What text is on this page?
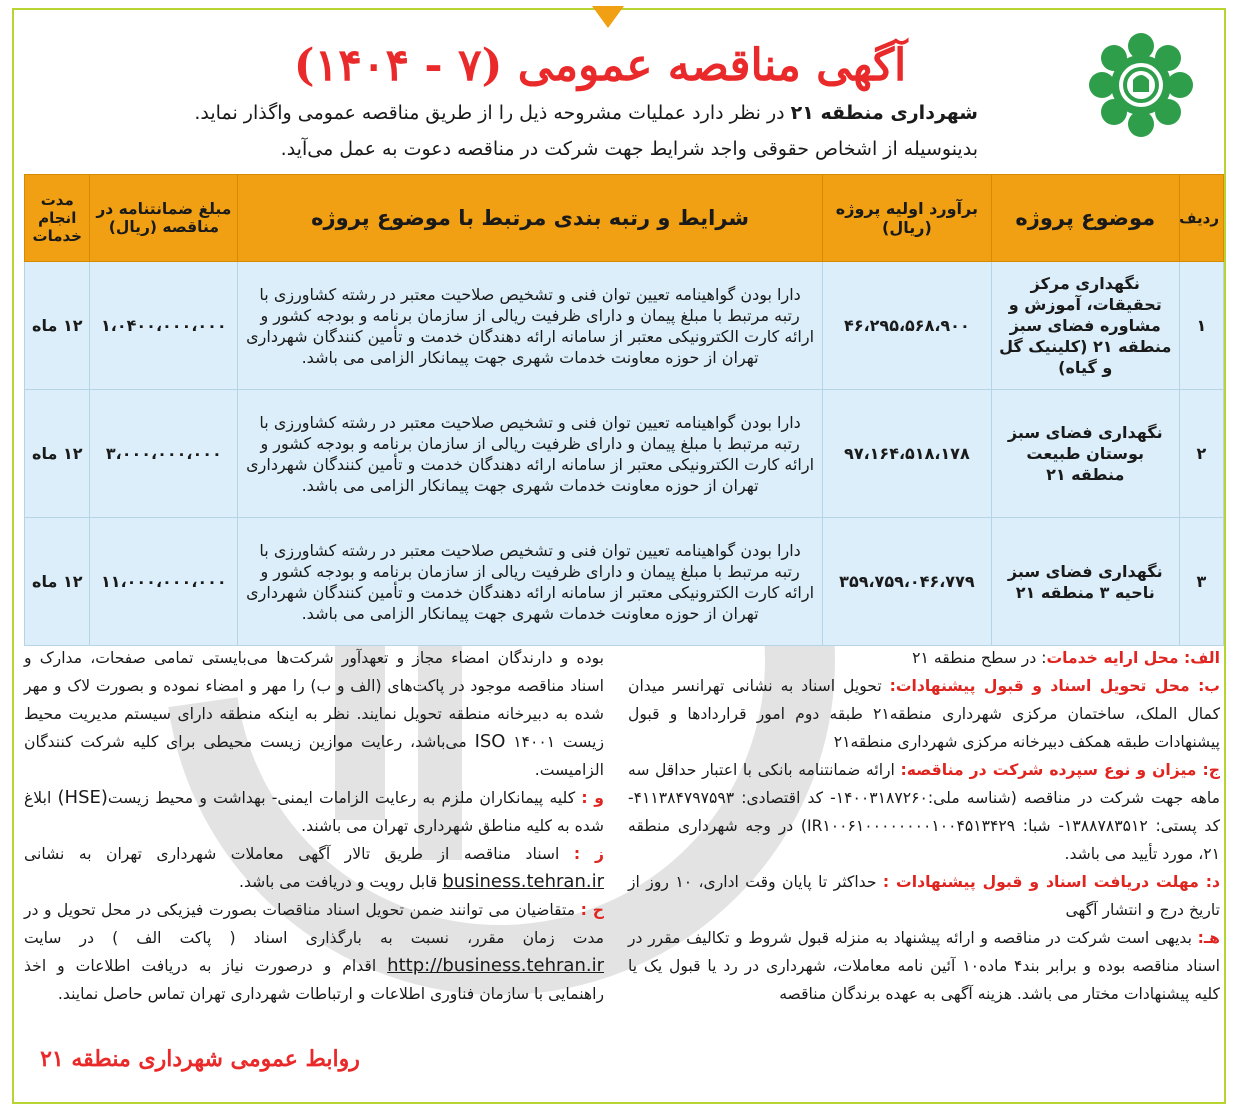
آگهی مناقصه عمومی (۷ - ۱۴۰۴)
شهرداری منطقه ۲۱ در نظر دارد عملیات مشروحه ذیل را از طریق مناقصه عمومی واگذار نماید.
بدینوسیله از اشخاص حقوقی واجد شرایط جهت شرکت در مناقصه دعوت به عمل می‌آید.
ردیف	موضوع پروژه	برآورد اولیه پروژه (ریال)	شرایط و رتبه بندی مرتبط با موضوع پروژه	مبلغ ضمانتنامه در مناقصه (ریال)	مدت انجام خدمات
۱	نگهداری مرکز تحقیقات، آموزش و مشاوره فضای سبز منطقه ۲۱ (کلینیک گل و گیاه)	۴۶،۲۹۵،۵۶۸،۹۰۰	دارا بودن گواهینامه تعیین توان فنی و تشخیص صلاحیت معتبر در رشته کشاورزی با رتبه مرتبط با مبلغ پیمان و دارای ظرفیت ریالی از سازمان برنامه و بودجه کشور و ارائه کارت الکترونیکی معتبر از سامانه ارائه دهندگان خدمت و تأمین کنندگان شهرداری تهران از حوزه معاونت خدمات شهری جهت پیمانکار الزامی می باشد.	۱،۰۴۰۰،۰۰۰،۰۰۰	۱۲ ماه
۲	نگهداری فضای سبز بوستان طبیعت منطقه ۲۱	۹۷،۱۶۴،۵۱۸،۱۷۸	دارا بودن گواهینامه تعیین توان فنی و تشخیص صلاحیت معتبر در رشته کشاورزی با رتبه مرتبط با مبلغ پیمان و دارای ظرفیت ریالی از سازمان برنامه و بودجه کشور و ارائه کارت الکترونیکی معتبر از سامانه ارائه دهندگان خدمت و تأمین کنندگان شهرداری تهران از حوزه معاونت خدمات شهری جهت پیمانکار الزامی می باشد.	۳،۰۰۰،۰۰۰،۰۰۰	۱۲ ماه
۳	نگهداری فضای سبز ناحیه ۳ منطقه ۲۱	۳۵۹،۷۵۹،۰۴۶،۷۷۹	دارا بودن گواهینامه تعیین توان فنی و تشخیص صلاحیت معتبر در رشته کشاورزی با رتبه مرتبط با مبلغ پیمان و دارای ظرفیت ریالی از سازمان برنامه و بودجه کشور و ارائه کارت الکترونیکی معتبر از سامانه ارائه دهندگان خدمت و تأمین کنندگان شهرداری تهران از حوزه معاونت خدمات شهری جهت پیمانکار الزامی می باشد.	۱۱،۰۰۰،۰۰۰،۰۰۰	۱۲ ماه
الف: محل ارایه خدمات: در سطح منطقه ۲۱
ب: محل تحویل اسناد و قبول پیشنهادات: تحویل اسناد به نشانی تهرانسر میدان کمال الملک، ساختمان مرکزی شهرداری منطقه۲۱ طبقه دوم امور قراردادها و قبول پیشنهادات طبقه همکف دبیرخانه مرکزی شهرداری منطقه۲۱
ج: میزان و نوع سپرده شرکت در مناقصه: ارائه ضمانتنامه بانکی با اعتبار حداقل سه ماهه جهت شرکت در مناقصه (شناسه ملی:۱۴۰۰۳۱۸۷۲۶۰- کد اقتصادی: ۴۱۱۳۸۴۷۹۷۵۹۳- کد پستی: ۱۳۸۸۷۸۳۵۱۲- شبا: IR۱۰۰۶۱۰۰۰۰۰۰۰۰۱۰۰۴۵۱۳۴۲۹) در وجه شهرداری منطقه ۲۱، مورد تأیید می باشد.
د: مهلت دریافت اسناد و قبول پیشنهادات : حداکثر تا پایان وقت اداری، ۱۰ روز از تاریخ درج و انتشار آگهی
هـ: بدیهی است شرکت در مناقصه و ارائه پیشنهاد به منزله قبول شروط و تکالیف مقرر در اسناد مناقصه بوده و برابر بند۴ ماده۱۰ آئین نامه معاملات، شهرداری در رد یا قبول یک یا کلیه پیشنهادات مختار می باشد. هزینه آگهی به عهده برندگان مناقصه
بوده و دارندگان امضاء مجاز و تعهدآور شرکت‌ها می‌بایستی تمامی صفحات، مدارک و اسناد مناقصه موجود در پاکت‌های (الف و ب) را مهر و امضاء نموده و بصورت لاک و مهر شده به دبیرخانه منطقه تحویل نمایند. نظر به اینکه منطقه دارای سیستم مدیریت محیط زیست ۱۴۰۰۱ ISO می‌باشد، رعایت موازین زیست محیطی برای کلیه شرکت کنندگان الزامیست.
و : کلیه پیمانکاران ملزم به رعایت الزامات ایمنی- بهداشت و محیط زیست(HSE) ابلاغ شده به کلیه مناطق شهرداری تهران می باشند.
ز : اسناد مناقصه از طریق تالار آگهی معاملات شهرداری تهران به نشانی business.tehran.ir قابل رویت و دریافت می باشد.
ح : متقاضیان می توانند ضمن تحویل اسناد مناقصات بصورت فیزیکی در محل تحویل و در مدت زمان مقرر، نسبت به بارگذاری اسناد ( پاکت الف ) در سایت http://business.tehran.ir اقدام و درصورت نیاز به دریافت اطلاعات و اخذ راهنمایی با سازمان فناوری اطلاعات و ارتباطات شهرداری تهران تماس حاصل نمایند.
روابط عمومی شهرداری منطقه ۲۱
